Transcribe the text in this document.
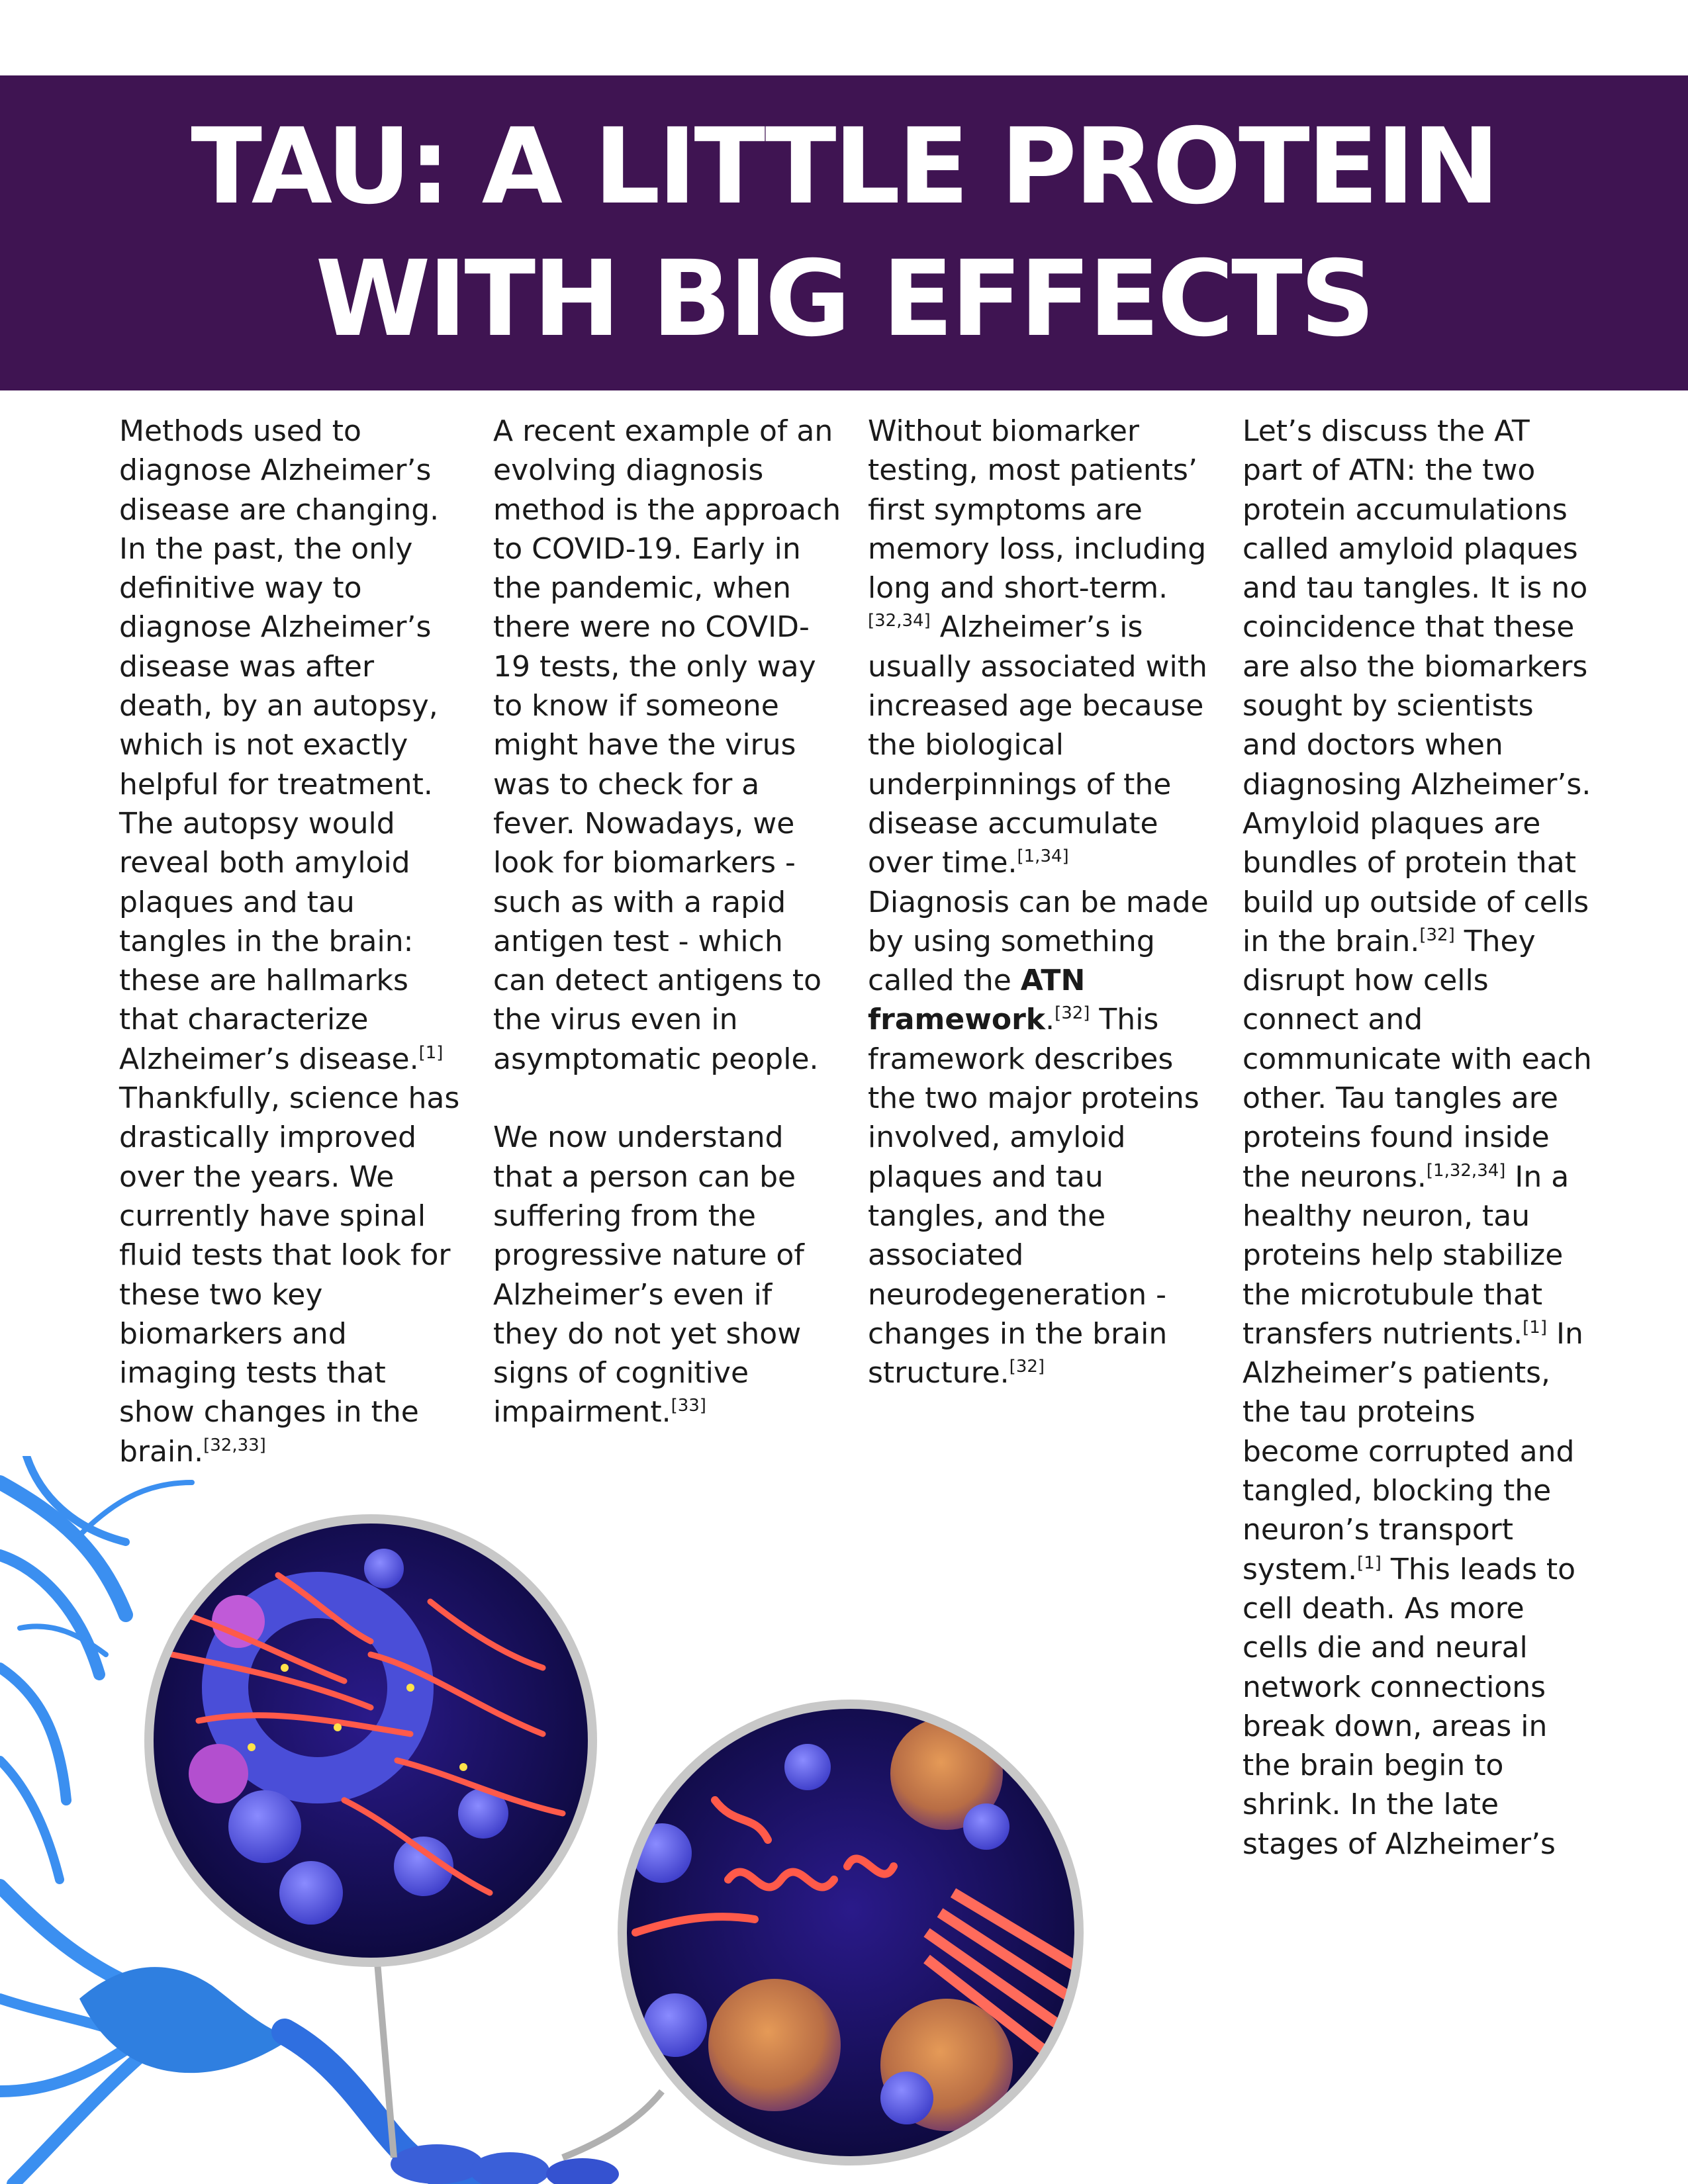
TAU: A LITTLE PROTEIN
WITH BIG EFFECTS

Methods used to diagnose Alzheimer’s disease are changing. In the past, the only definitive way to diagnose Alzheimer’s disease was after death, by an autopsy, which is not exactly helpful for treatment. The autopsy would reveal both amyloid plaques and tau tangles in the brain: these are hallmarks that characterize Alzheimer’s disease.[1] Thankfully, science has drastically improved over the years. We currently have spinal fluid tests that look for these two key biomarkers and imaging tests that show changes in the brain.[32,33]

A recent example of an evolving diagnosis method is the approach to COVID-19. Early in the pandemic, when there were no COVID-19 tests, the only way to know if someone might have the virus was to check for a fever. Nowadays, we look for biomarkers - such as with a rapid antigen test - which can detect antigens to the virus even in asymptomatic people.

We now understand that a person can be suffering from the progressive nature of Alzheimer’s even if they do not yet show signs of cognitive impairment.[33]

Without biomarker testing, most patients’ first symptoms are memory loss, including long and short-term.[32,34] Alzheimer’s is usually associated with increased age because the biological underpinnings of the disease accumulate over time.[1,34] Diagnosis can be made by using something called the ATN framework.[32] This framework describes the two major proteins involved, amyloid plaques and tau tangles, and the associated neurodegeneration - changes in the brain structure.[32]

Let’s discuss the AT part of ATN: the two protein accumulations called amyloid plaques and tau tangles. It is no coincidence that these are also the biomarkers sought by scientists and doctors when diagnosing Alzheimer’s. Amyloid plaques are bundles of protein that build up outside of cells in the brain.[32] They disrupt how cells connect and communicate with each other. Tau tangles are proteins found inside the neurons.[1,32,34] In a healthy neuron, tau proteins help stabilize the microtubule that transfers nutrients.[1] In Alzheimer’s patients, the tau proteins become corrupted and tangled, blocking the neuron’s transport system.[1] This leads to cell death. As more cells die and neural network connections break down, areas in the brain begin to shrink. In the late stages of Alzheimer’s
